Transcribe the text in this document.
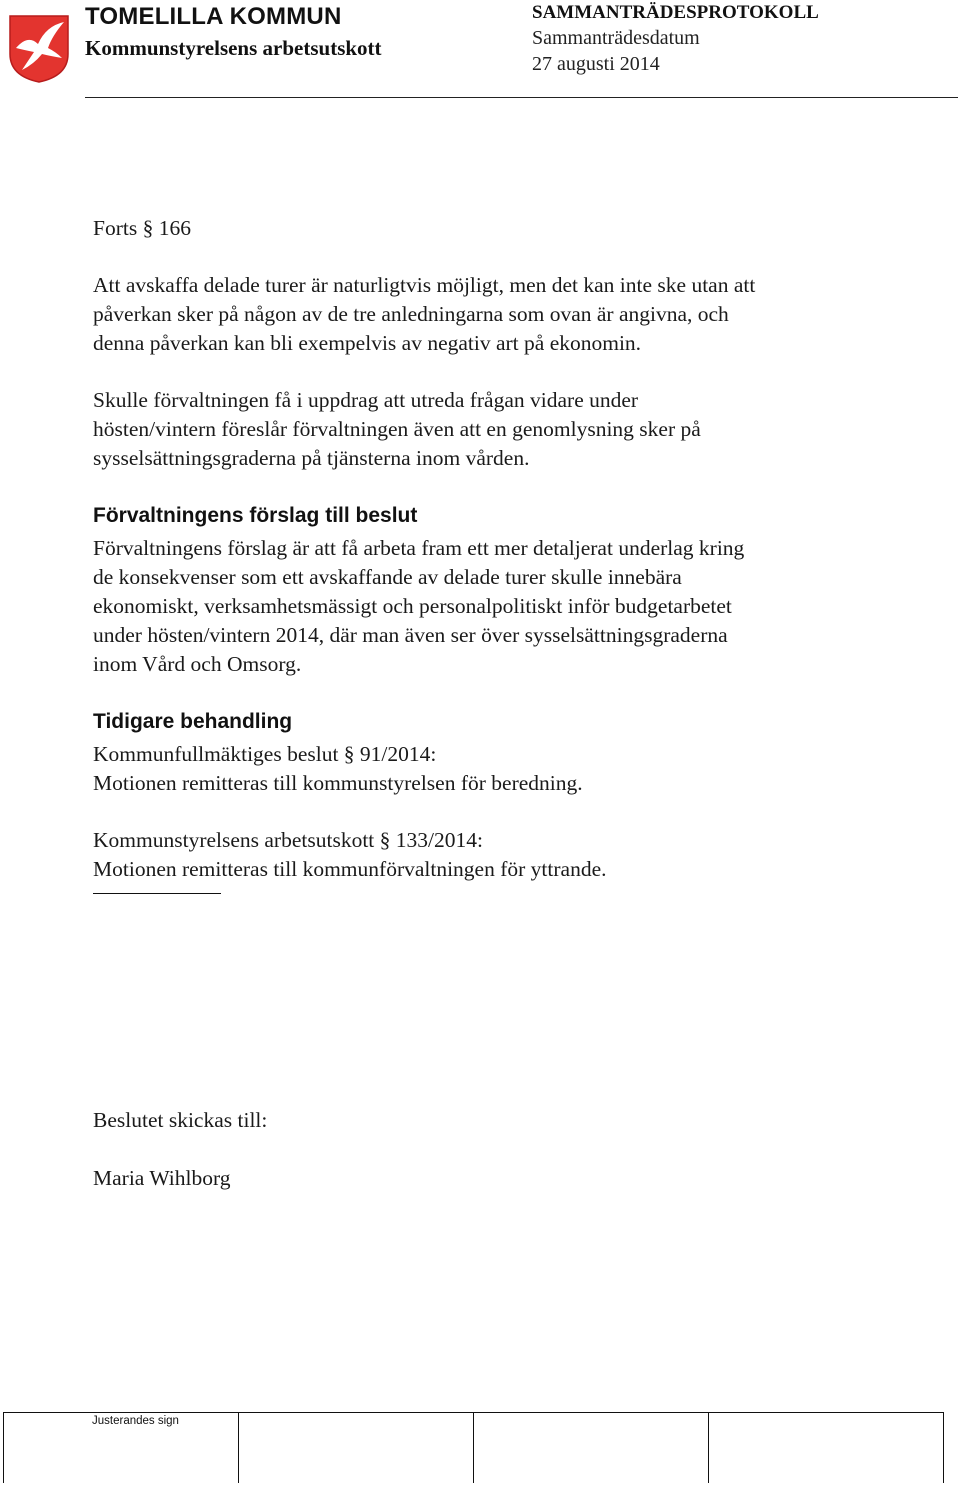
TOMELILLA KOMMUN
Kommunstyrelsens arbetsutskott
SAMMANTRÄDESPROTOKOLL
Sammanträdesdatum
27 augusti 2014

Forts § 166

Att avskaffa delade turer är naturligtvis möjligt, men det kan inte ske utan att
påverkan sker på någon av de tre anledningarna som ovan är angivna, och
denna påverkan kan bli exempelvis av negativ art på ekonomin.
Skulle förvaltningen få i uppdrag att utreda frågan vidare under
hösten/vintern föreslår förvaltningen även att en genomlysning sker på
sysselsättningsgraderna på tjänsterna inom vården.
Förvaltningens förslag till beslut
Förvaltningens förslag är att få arbeta fram ett mer detaljerat underlag kring
de konsekvenser som ett avskaffande av delade turer skulle innebära
ekonomiskt, verksamhetsmässigt och personalpolitiskt inför budgetarbetet
under hösten/vintern 2014, där man även ser över sysselsättningsgraderna
inom Vård och Omsorg.
Tidigare behandling
Kommunfullmäktiges beslut § 91/2014:
Motionen remitteras till kommunstyrelsen för beredning.
Kommunstyrelsens arbetsutskott § 133/2014:
Motionen remitteras till kommunförvaltningen för yttrande.
Beslutet skickas till:
Maria Wihlborg
Justerandes sign
